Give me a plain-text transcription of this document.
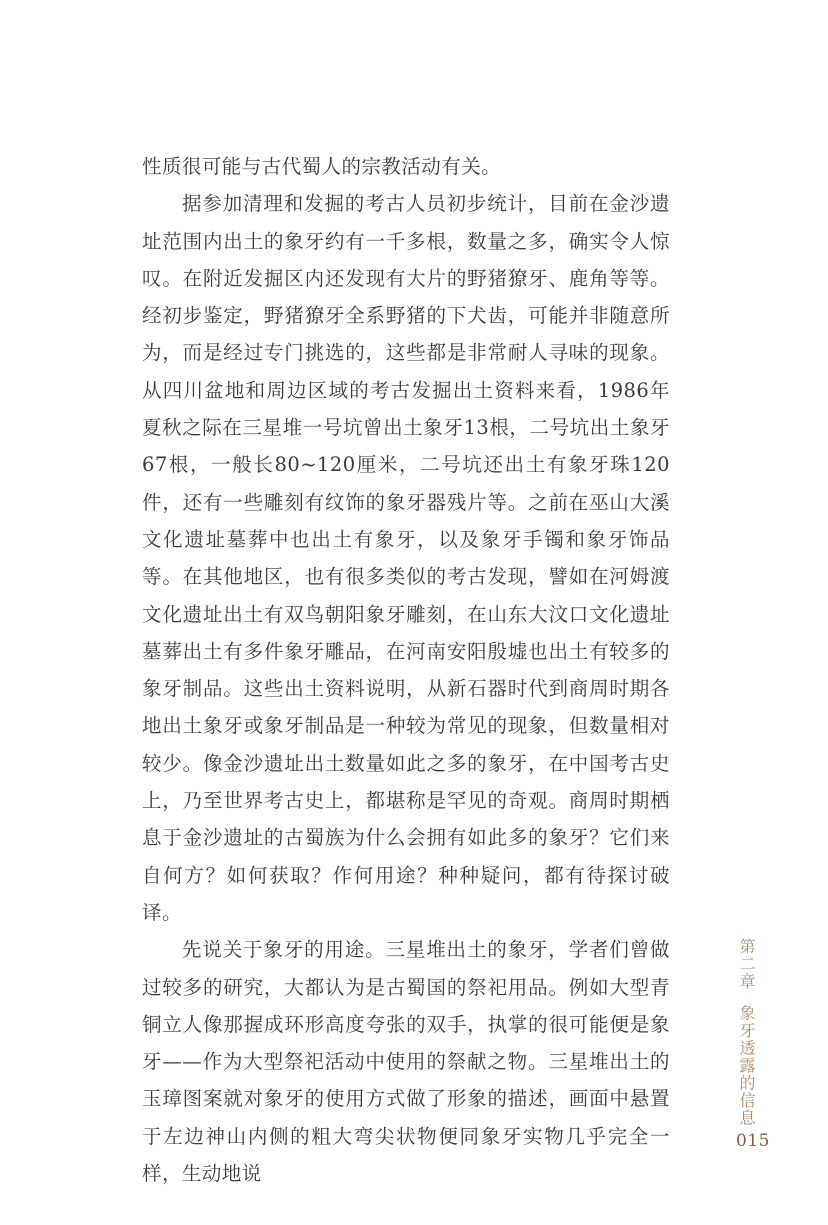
性质很可能与古代蜀人的宗教活动有关。

据参加清理和发掘的考古人员初步统计，目前在金沙遗址范围内出土的象牙约有一千多根，数量之多，确实令人惊叹。在附近发掘区内还发现有大片的野猪獠牙、鹿角等等。经初步鉴定，野猪獠牙全系野猪的下犬齿，可能并非随意所为，而是经过专门挑选的，这些都是非常耐人寻味的现象。从四川盆地和周边区域的考古发掘出土资料来看，1986年夏秋之际在三星堆一号坑曾出土象牙13根，二号坑出土象牙67根，一般长80~120厘米，二号坑还出土有象牙珠120件，还有一些雕刻有纹饰的象牙器残片等。之前在巫山大溪文化遗址墓葬中也出土有象牙，以及象牙手镯和象牙饰品等。在其他地区，也有很多类似的考古发现，譬如在河姆渡文化遗址出土有双鸟朝阳象牙雕刻，在山东大汶口文化遗址墓葬出土有多件象牙雕品，在河南安阳殷墟也出土有较多的象牙制品。这些出土资料说明，从新石器时代到商周时期各地出土象牙或象牙制品是一种较为常见的现象，但数量相对较少。像金沙遗址出土数量如此之多的象牙，在中国考古史上，乃至世界考古史上，都堪称是罕见的奇观。商周时期栖息于金沙遗址的古蜀族为什么会拥有如此多的象牙？它们来自何方？如何获取？作何用途？种种疑问，都有待探讨破译。

先说关于象牙的用途。三星堆出土的象牙，学者们曾做过较多的研究，大都认为是古蜀国的祭祀用品。例如大型青铜立人像那握成环形高度夸张的双手，执掌的很可能便是象牙——作为大型祭祀活动中使用的祭献之物。三星堆出土的玉璋图案就对象牙的使用方式做了形象的描述，画面中悬置于左边神山内侧的粗大弯尖状物便同象牙实物几乎完全一样，生动地说

第二章象牙透露的信息
015
